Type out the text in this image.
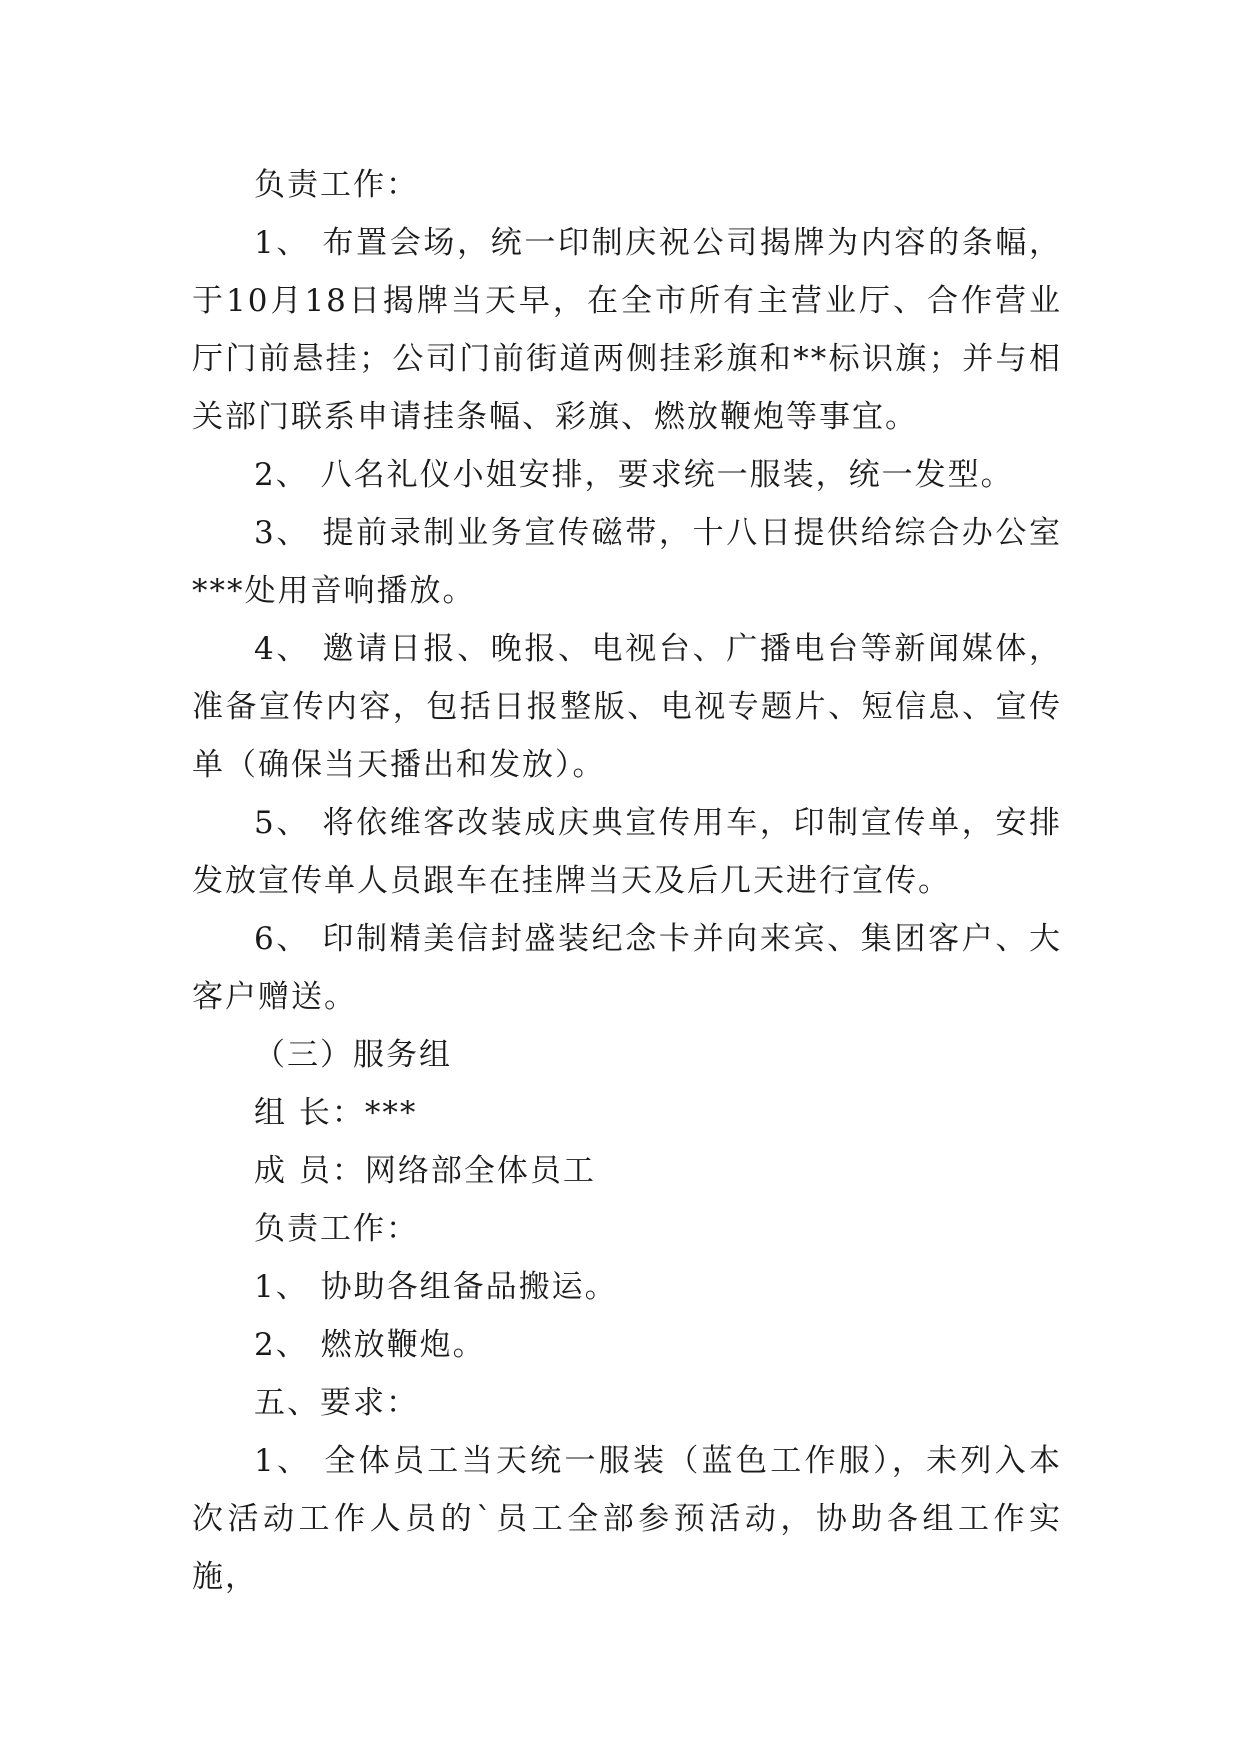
负责工作：

1、 布置会场，统一印制庆祝公司揭牌为内容的条幅，于10月18日揭牌当天早，在全市所有主营业厅、合作营业厅门前悬挂；公司门前街道两侧挂彩旗和**标识旗；并与相关部门联系申请挂条幅、彩旗、燃放鞭炮等事宜。

2、 八名礼仪小姐安排，要求统一服装，统一发型。

3、 提前录制业务宣传磁带，十八日提供给综合办公室***处用音响播放。

4、 邀请日报、晚报、电视台、广播电台等新闻媒体，准备宣传内容，包括日报整版、电视专题片、短信息、宣传单（确保当天播出和发放）。

5、 将依维客改装成庆典宣传用车，印制宣传单，安排发放宣传单人员跟车在挂牌当天及后几天进行宣传。

6、 印制精美信封盛装纪念卡并向来宾、集团客户、大客户赠送。

（三）服务组

组 长：***

成 员：网络部全体员工

负责工作：

1、 协助各组备品搬运。

2、 燃放鞭炮。

五、要求：

1、 全体员工当天统一服装（蓝色工作服），未列入本次活动工作人员的`员工全部参预活动，协助各组工作实施，
